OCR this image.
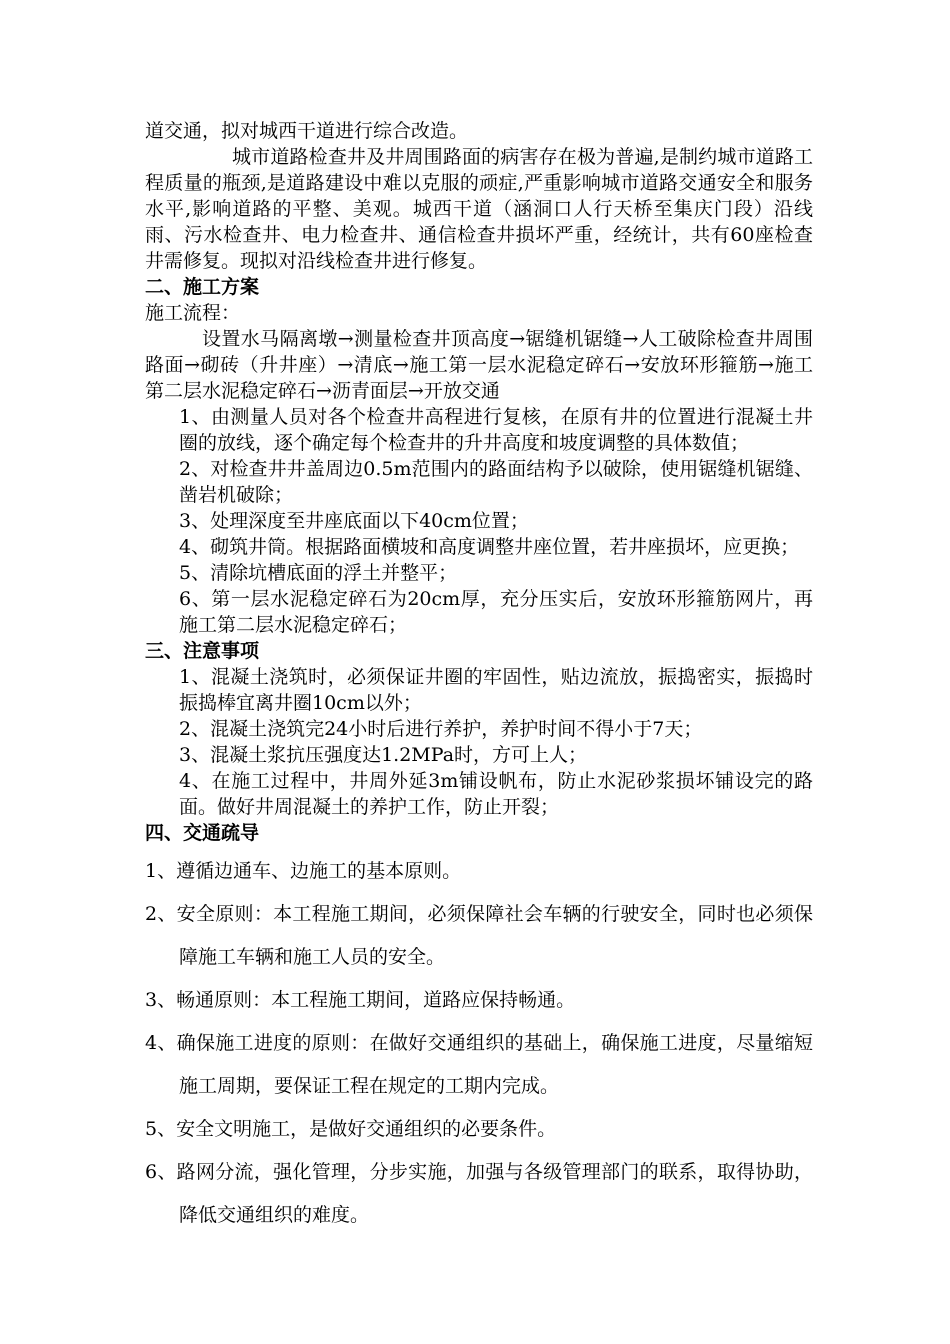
道交通，拟对城西干道进行综合改造。

城市道路检查井及井周围路面的病害存在极为普遍,是制约城市道路工程质量的瓶颈,是道路建设中难以克服的顽症,严重影响城市道路交通安全和服务水平,影响道路的平整、美观。城西干道（涵洞口人行天桥至集庆门段）沿线雨、污水检查井、电力检查井、通信检查井损坏严重，经统计，共有60座检查井需修复。现拟对沿线检查井进行修复。

二、施工方案

施工流程：

设置水马隔离墩→测量检查井顶高度→锯缝机锯缝→人工破除检查井周围路面→砌砖（升井座）→清底→施工第一层水泥稳定碎石→安放环形箍筋→施工第二层水泥稳定碎石→沥青面层→开放交通

1、由测量人员对各个检查井高程进行复核，在原有井的位置进行混凝土井圈的放线，逐个确定每个检查井的升井高度和坡度调整的具体数值；

2、对检查井井盖周边0.5m范围内的路面结构予以破除，使用锯缝机锯缝、凿岩机破除；

3、处理深度至井座底面以下40cm位置；

4、砌筑井筒。根据路面横坡和高度调整井座位置，若井座损坏，应更换；

5、清除坑槽底面的浮土并整平；

6、第一层水泥稳定碎石为20cm厚，充分压实后，安放环形箍筋网片，再施工第二层水泥稳定碎石；

三、注意事项

1、混凝土浇筑时，必须保证井圈的牢固性，贴边流放，振捣密实，振捣时振捣棒宜离井圈10cm以外；

2、混凝土浇筑完24小时后进行养护，养护时间不得小于7天；

3、混凝土浆抗压强度达1.2MPa时，方可上人；

4、在施工过程中，井周外延3m铺设帆布，防止水泥砂浆损坏铺设完的路面。做好井周混凝土的养护工作，防止开裂；

四、交通疏导

1、遵循边通车、边施工的基本原则。

2、安全原则：本工程施工期间，必须保障社会车辆的行驶安全，同时也必须保障施工车辆和施工人员的安全。

3、畅通原则：本工程施工期间，道路应保持畅通。

4、确保施工进度的原则：在做好交通组织的基础上，确保施工进度，尽量缩短施工周期，要保证工程在规定的工期内完成。

5、安全文明施工，是做好交通组织的必要条件。

6、路网分流，强化管理，分步实施，加强与各级管理部门的联系，取得协助，降低交通组织的难度。
